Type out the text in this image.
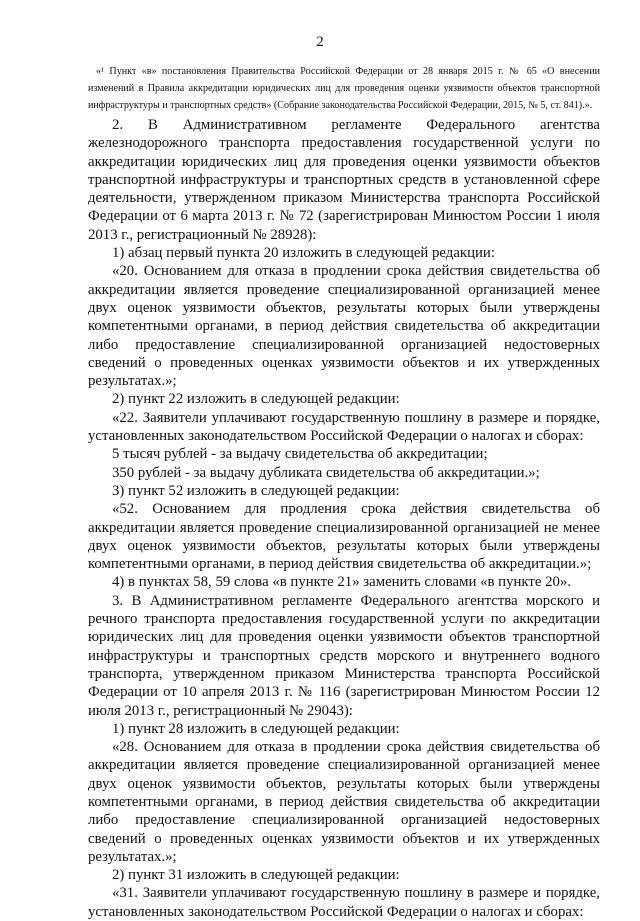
2
«¹ Пункт «в» постановления Правительства Российской Федерации от 28 января 2015 г. № 65 «О внесении изменений в Правила аккредитации юридических лиц для проведения оценки уязвимости объектов транспортной инфраструктуры и транспортных средств» (Собрание законодательства Российской Федерации, 2015, № 5, ст. 841).».

2. В Административном регламенте Федерального агентства железнодорожного транспорта предоставления государственной услуги по аккредитации юридических лиц для проведения оценки уязвимости объектов транспортной инфраструктуры и транспортных средств в установленной сфере деятельности, утвержденном приказом Министерства транспорта Российской Федерации от 6 марта 2013 г. № 72 (зарегистрирован Минюстом России 1 июля 2013 г., регистрационный № 28928):

1) абзац первый пункта 20 изложить в следующей редакции:

«20. Основанием для отказа в продлении срока действия свидетельства об аккредитации является проведение специализированной организацией менее двух оценок уязвимости объектов, результаты которых были утверждены компетентными органами, в период действия свидетельства об аккредитации либо предоставление специализированной организацией недостоверных сведений о проведенных оценках уязвимости объектов и их утвержденных результатах.»;

2) пункт 22 изложить в следующей редакции:

«22. Заявители уплачивают государственную пошлину в размере и порядке, установленных законодательством Российской Федерации о налогах и сборах:

5 тысяч рублей - за выдачу свидетельства об аккредитации;

350 рублей - за выдачу дубликата свидетельства об аккредитации.»;

3) пункт 52 изложить в следующей редакции:

«52. Основанием для продления срока действия свидетельства об аккредитации является проведение специализированной организацией не менее двух оценок уязвимости объектов, результаты которых были утверждены компетентными органами, в период действия свидетельства об аккредитации.»;

4) в пунктах 58, 59 слова «в пункте 21» заменить словами «в пункте 20».

3. В Административном регламенте Федерального агентства морского и речного транспорта предоставления государственной услуги по аккредитации юридических лиц для проведения оценки уязвимости объектов транспортной инфраструктуры и транспортных средств морского и внутреннего водного транспорта, утвержденном приказом Министерства транспорта Российской Федерации от 10 апреля 2013 г. № 116 (зарегистрирован Минюстом России 12 июля 2013 г., регистрационный № 29043):

1) пункт 28 изложить в следующей редакции:

«28. Основанием для отказа в продлении срока действия свидетельства об аккредитации является проведение специализированной организацией менее двух оценок уязвимости объектов, результаты которых были утверждены компетентными органами, в период действия свидетельства об аккредитации либо предоставление специализированной организацией недостоверных сведений о проведенных оценках уязвимости объектов и их утвержденных результатах.»;

2) пункт 31 изложить в следующей редакции:

«31. Заявители уплачивают государственную пошлину в размере и порядке, установленных законодательством Российской Федерации о налогах и сборах:
